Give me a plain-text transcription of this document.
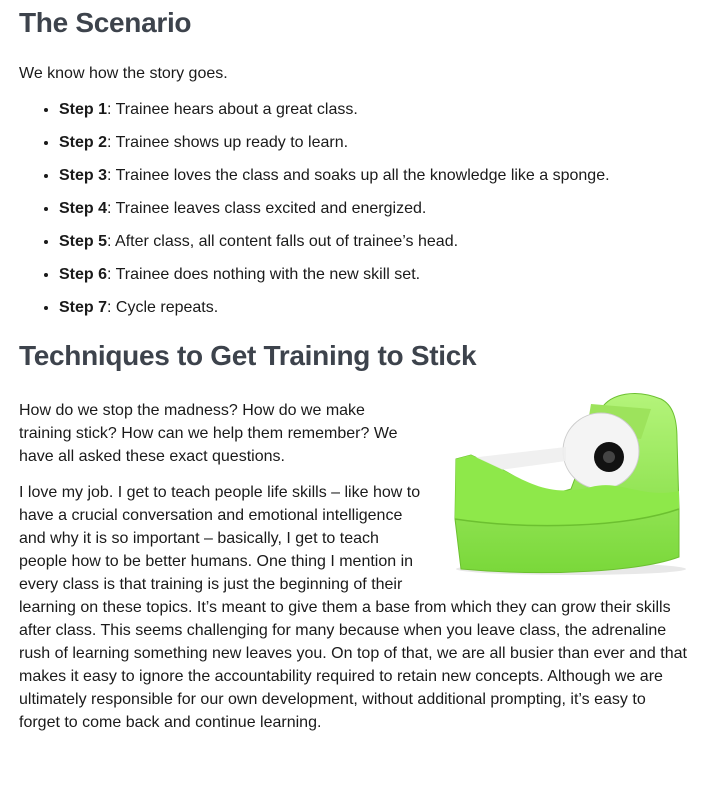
The Scenario

We know how the story goes.

• Step 1: Trainee hears about a great class.
• Step 2: Trainee shows up ready to learn.
• Step 3: Trainee loves the class and soaks up all the knowledge like a sponge.
• Step 4: Trainee leaves class excited and energized.
• Step 5: After class, all content falls out of trainee’s head.
• Step 6: Trainee does nothing with the new skill set.
• Step 7: Cycle repeats.
Techniques to Get Training to Stick

How do we stop the madness? How do we make training stick? How can we help them remember? We have all asked these exact questions.

I love my job. I get to teach people life skills – like how to have a crucial conversation and emotional intelligence and why it is so important – basically, I get to teach people how to be better humans. One thing I mention in every class is that training is just the beginning of their learning on these topics. It’s meant to give them a base from which they can grow their skills after class. This seems challenging for many because when you leave class, the adrenaline rush of learning something new leaves you. On top of that, we are all busier than ever and that makes it easy to ignore the accountability required to retain new concepts. Although we are ultimately responsible for our own development, without additional prompting, it’s easy to forget to come back and continue learning.
